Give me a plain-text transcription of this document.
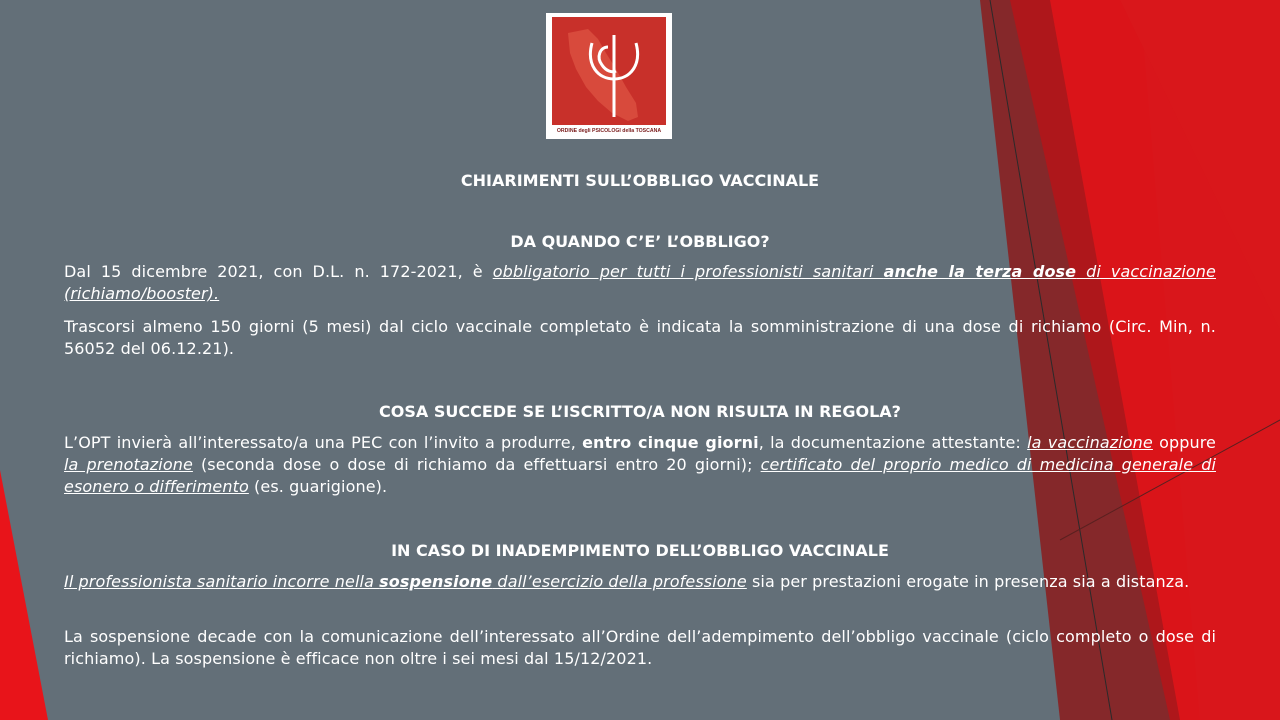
ORDINE degli PSICOLOGI della TOSCANA
CHIARIMENTI SULL’OBBLIGO VACCINALE
DA QUANDO C’E’ L’OBBLIGO?
Dal 15 dicembre 2021, con D.L. n. 172-2021, è obbligatorio per tutti i professionisti sanitari anche la terza dose di vaccinazione (richiamo/booster).
Trascorsi almeno 150 giorni (5 mesi) dal ciclo vaccinale completato è indicata la somministrazione di una dose di richiamo (Circ. Min, n. 56052 del 06.12.21).
COSA SUCCEDE SE L’ISCRITTO/A NON RISULTA IN REGOLA?
L’OPT invierà all’interessato/a una PEC con l’invito a produrre, entro cinque giorni, la documentazione attestante: la vaccinazione oppure la prenotazione (seconda dose o dose di richiamo da effettuarsi entro 20 giorni); certificato del proprio medico di medicina generale di esonero o differimento (es. guarigione).
IN CASO DI INADEMPIMENTO DELL’OBBLIGO VACCINALE
Il professionista sanitario incorre nella sospensione dall’esercizio della professione sia per prestazioni erogate in presenza sia a distanza.
La sospensione decade con la comunicazione dell’interessato all’Ordine dell’adempimento dell’obbligo vaccinale (ciclo completo o dose di richiamo). La sospensione è efficace non oltre i sei mesi dal 15/12/2021.
